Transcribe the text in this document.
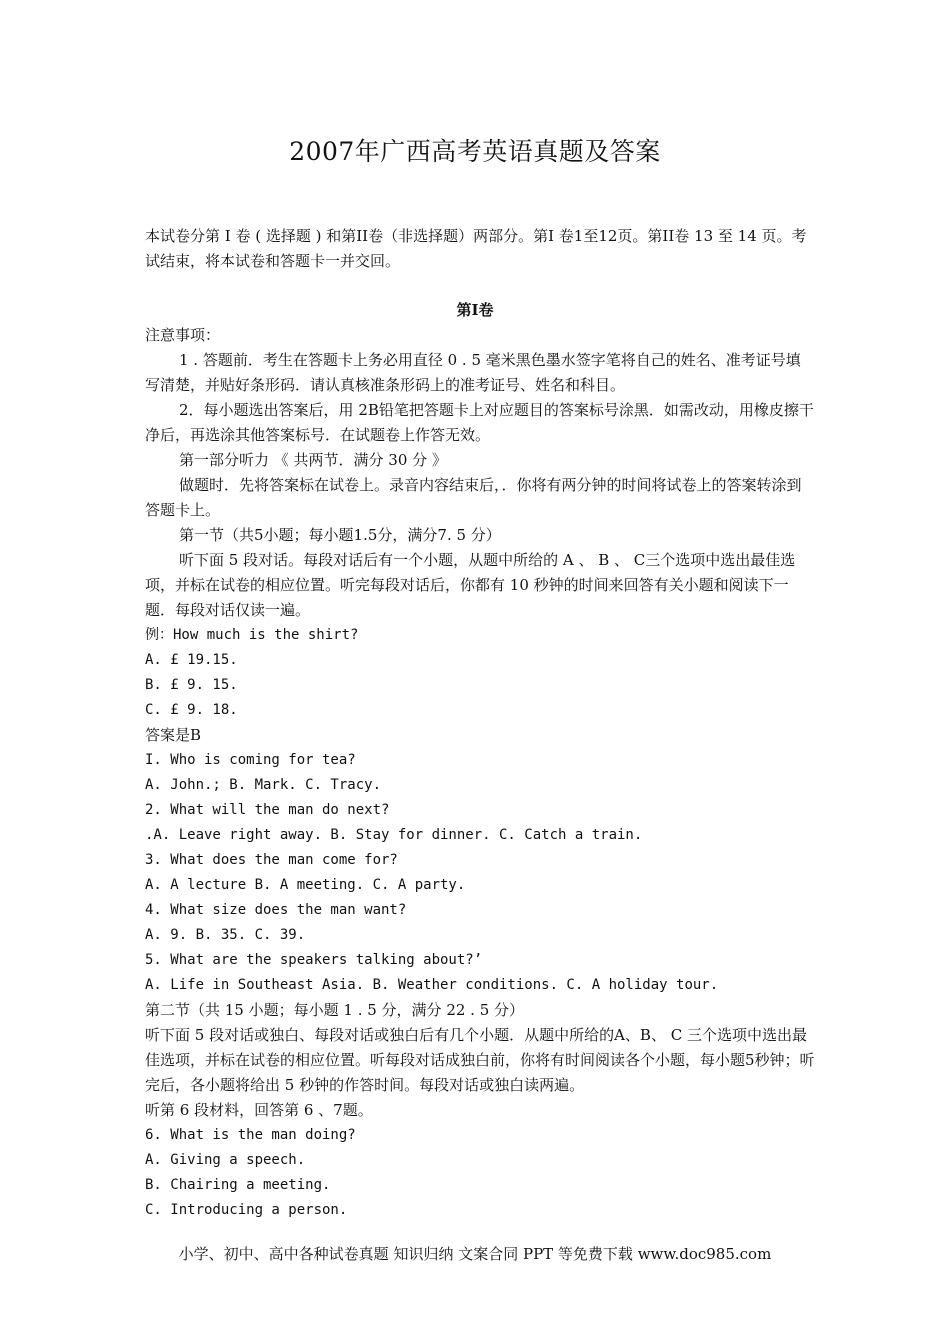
2007年广西高考英语真题及答案
本试卷分第 I 卷 ( 选择题 ) 和第II卷（非选择题）两部分。第I 卷1至12页。第II卷 13 至 14 页。考试结束，将本试卷和答题卡一并交回。
第I卷
注意事项：
1 . 答题前．考生在答题卡上务必用直径 0 . 5 毫米黑色墨水签字笔将自己的姓名、准考证号填写清楚，并贴好条形码．请认真核准条形码上的准考证号、姓名和科目。
2．每小题选出答案后，用 2B铅笔把答题卡上对应题目的答案标号涂黑．如需改动，用橡皮擦干净后，再选涂其他答案标号．在试题卷上作答无效。
第一部分听力 《 共两节．满分 30 分 》
做题时．先将答案标在试卷上。录音内容结束后，．你将有两分钟的时间将试卷上的答案转涂到答题卡上。
第一节（共5小题；每小题1.5分，满分7. 5 分）
听下面 5 段对话。每段对话后有一个小题，从题中所给的 A 、 B 、 C三个选项中选出最佳选项，并标在试卷的相应位置。听完每段对话后，你都有 10 秒钟的时间来回答有关小题和阅读下一题．每段对话仅读一遍。
例：How much is the shirt?
A. £ 19.15.
B. £ 9. 15.
C. £ 9. 18.
答案是B
I. Who is coming for tea?
A. John.; B. Mark. C. Tracy.
2. What will the man do next?
.A. Leave right away. B. Stay for dinner. C. Catch a train.
3. What does the man come for?
A. A lecture B. A meeting. C. A party.
4. What size does the man want?
A. 9. B. 35. C. 39.
5. What are the speakers talking about?’
A. Life in Southeast Asia. B. Weather conditions. C. A holiday tour.
第二节（共 15 小题；每小题 1 . 5 分，满分 22 . 5 分）
听下面 5 段对话或独白、每段对话或独白后有几个小题．从题中所给的A、B、 C 三个选项中选出最佳选项，并标在试卷的相应位置。听每段对话成独白前，你将有时间阅读各个小题，每小题5秒钟；听完后，各小题将给出 5 秒钟的作答时间。每段对话或独白读两遍。
听第 6 段材料，回答第 6 、7题。
6. What is the man doing?
A. Giving a speech.
B. Chairing a meeting.
C. Introducing a person.
小学、初中、高中各种试卷真题 知识归纳 文案合同 PPT 等免费下载 www.doc985.com
